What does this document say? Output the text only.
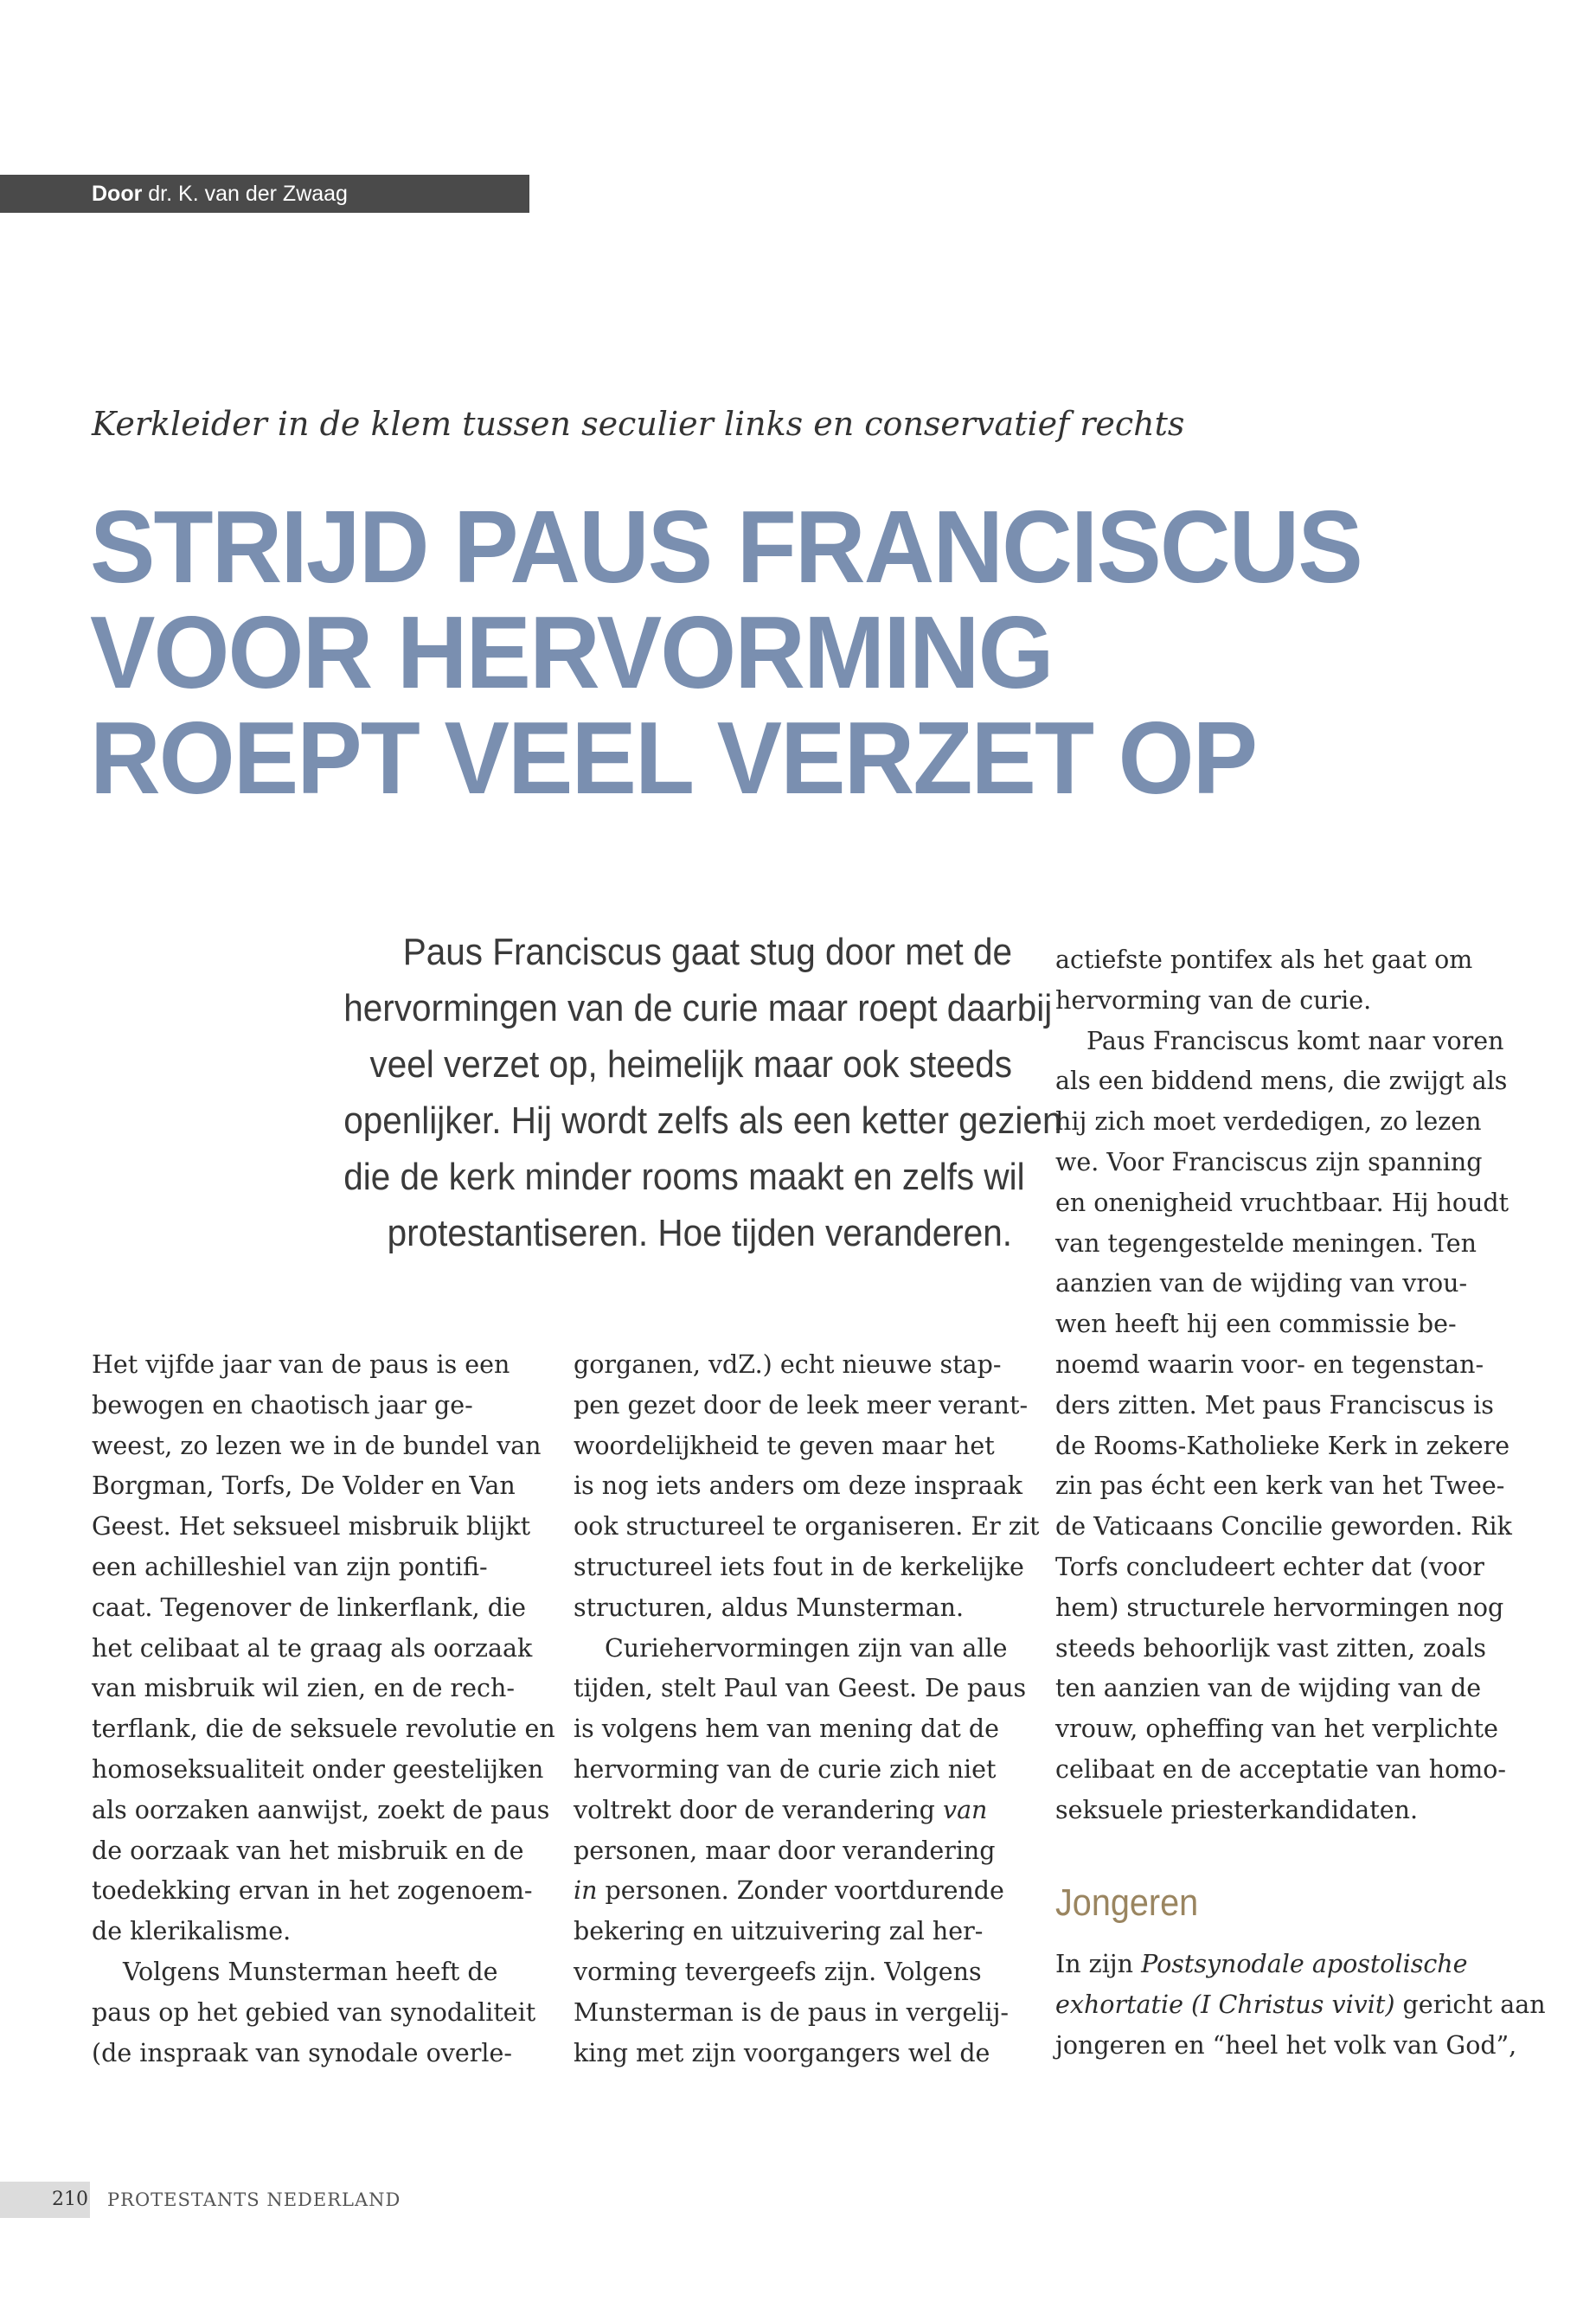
Door dr. K. van der Zwaag
Kerkleider in de klem tussen seculier links en conservatief rechts
STRIJD PAUS FRANCISCUS
VOOR HERVORMING
ROEPT VEEL VERZET OP
Paus Franciscus gaat stug door met de
hervormingen van de curie maar roept daarbij
veel verzet op, heimelijk maar ook steeds
openlijker. Hij wordt zelfs als een ketter gezien
die de kerk minder rooms maakt en zelfs wil
protestantiseren. Hoe tijden veranderen.
Het vijfde jaar van de paus is een
bewogen en chaotisch jaar ge-
weest, zo lezen we in de bundel van
Borgman, Torfs, De Volder en Van
Geest. Het seksueel misbruik blijkt
een achilleshiel van zijn pontifi-
caat. Tegenover de linkerflank, die
het celibaat al te graag als oorzaak
van misbruik wil zien, en de rech-
terflank, die de seksuele revolutie en
homoseksualiteit onder geestelijken
als oorzaken aanwijst, zoekt de paus
de oorzaak van het misbruik en de
toedekking ervan in het zogenoem-
de klerikalisme.
Volgens Munsterman heeft de
paus op het gebied van synodaliteit
(de inspraak van synodale overle-
gorganen, vdZ.) echt nieuwe stap-
pen gezet door de leek meer verant-
woordelijkheid te geven maar het
is nog iets anders om deze inspraak
ook structureel te organiseren. Er zit
structureel iets fout in de kerkelijke
structuren, aldus Munsterman.
Curiehervormingen zijn van alle
tijden, stelt Paul van Geest. De paus
is volgens hem van mening dat de
hervorming van de curie zich niet
voltrekt door de verandering van
personen, maar door verandering
in personen. Zonder voortdurende
bekering en uitzuivering zal her-
vorming tevergeefs zijn. Volgens
Munsterman is de paus in vergelij-
king met zijn voorgangers wel de
actiefste pontifex als het gaat om
hervorming van de curie.
Paus Franciscus komt naar voren
als een biddend mens, die zwijgt als
hij zich moet verdedigen, zo lezen
we. Voor Franciscus zijn spanning
en onenigheid vruchtbaar. Hij houdt
van tegengestelde meningen. Ten
aanzien van de wijding van vrou-
wen heeft hij een commissie be-
noemd waarin voor- en tegenstan-
ders zitten. Met paus Franciscus is
de Rooms-Katholieke Kerk in zekere
zin pas écht een kerk van het Twee-
de Vaticaans Concilie geworden. Rik
Torfs concludeert echter dat (voor
hem) structurele hervormingen nog
steeds behoorlijk vast zitten, zoals
ten aanzien van de wijding van de
vrouw, opheffing van het verplichte
celibaat en de acceptatie van homo-
seksuele priesterkandidaten.
Jongeren
In zijn Postsynodale apostolische
exhortatie (I Christus vivit) gericht aan
jongeren en “heel het volk van God”,
210 PROTESTANTS NEDERLAND
